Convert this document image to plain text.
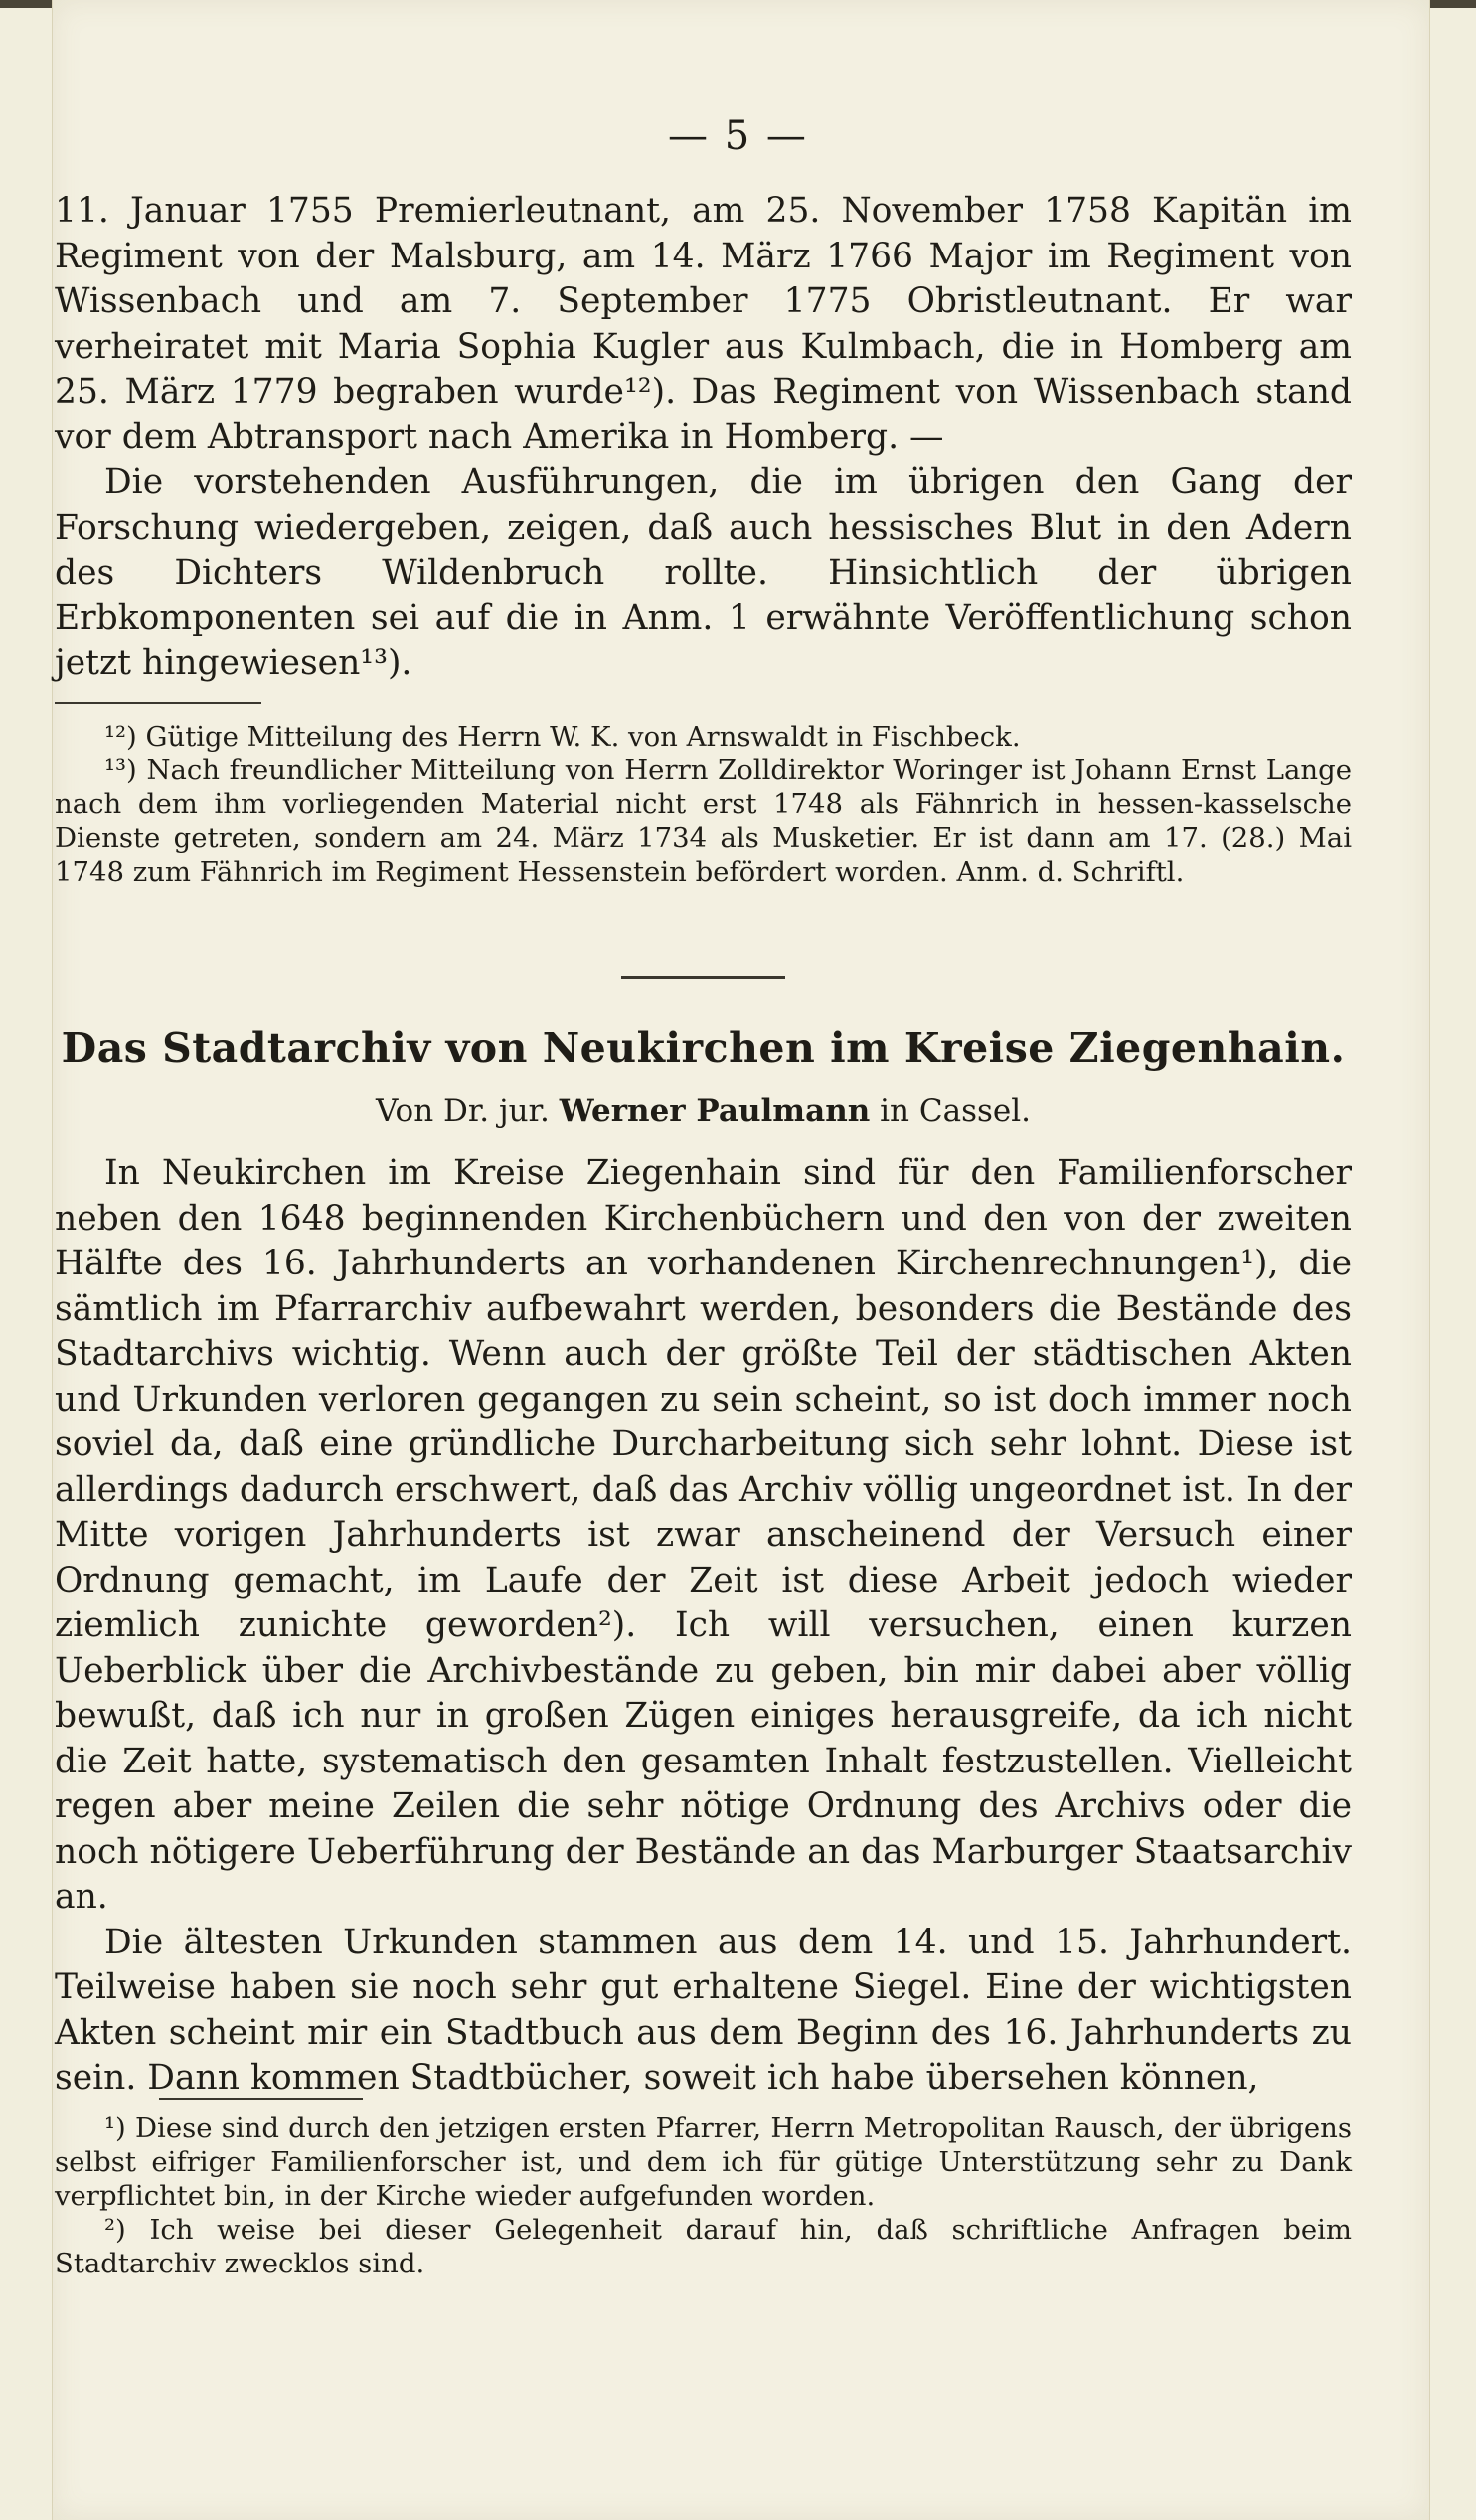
— 5 —

11. Januar 1755 Premierleutnant, am 25. November 1758 Kapitän im Regiment von der Malsburg, am 14. März 1766 Major im Regiment von Wissenbach und am 7. September 1775 Obristleutnant. Er war verheiratet mit Maria Sophia Kugler aus Kulmbach, die in Homberg am 25. März 1779 begraben wurde¹²). Das Regiment von Wissenbach stand vor dem Abtransport nach Amerika in Homberg. —

Die vorstehenden Ausführungen, die im übrigen den Gang der Forschung wiedergeben, zeigen, daß auch hessisches Blut in den Adern des Dichters Wildenbruch rollte. Hinsichtlich der übrigen Erbkomponenten sei auf die in Anm. 1 erwähnte Veröffentlichung schon jetzt hingewiesen¹³).

¹²) Gütige Mitteilung des Herrn W. K. von Arnswaldt in Fischbeck.

¹³) Nach freundlicher Mitteilung von Herrn Zolldirektor Woringer ist Johann Ernst Lange nach dem ihm vorliegenden Material nicht erst 1748 als Fähnrich in hessen-kasselsche Dienste getreten, sondern am 24. März 1734 als Musketier. Er ist dann am 17. (28.) Mai 1748 zum Fähnrich im Regiment Hessenstein befördert worden. Anm. d. Schriftl.

Das Stadtarchiv von Neukirchen im Kreise Ziegenhain.
Von Dr. jur. Werner Paulmann in Cassel.

In Neukirchen im Kreise Ziegenhain sind für den Familienforscher neben den 1648 beginnenden Kirchenbüchern und den von der zweiten Hälfte des 16. Jahrhunderts an vorhandenen Kirchenrechnungen¹), die sämtlich im Pfarrarchiv aufbewahrt werden, besonders die Bestände des Stadtarchivs wichtig. Wenn auch der größte Teil der städtischen Akten und Urkunden verloren gegangen zu sein scheint, so ist doch immer noch soviel da, daß eine gründliche Durcharbeitung sich sehr lohnt. Diese ist allerdings dadurch erschwert, daß das Archiv völlig ungeordnet ist. In der Mitte vorigen Jahrhunderts ist zwar anscheinend der Versuch einer Ordnung gemacht, im Laufe der Zeit ist diese Arbeit jedoch wieder ziemlich zunichte geworden²). Ich will versuchen, einen kurzen Ueberblick über die Archivbestände zu geben, bin mir dabei aber völlig bewußt, daß ich nur in großen Zügen einiges herausgreife, da ich nicht die Zeit hatte, systematisch den gesamten Inhalt festzustellen. Vielleicht regen aber meine Zeilen die sehr nötige Ordnung des Archivs oder die noch nötigere Ueberführung der Bestände an das Marburger Staatsarchiv an.

Die ältesten Urkunden stammen aus dem 14. und 15. Jahrhundert. Teilweise haben sie noch sehr gut erhaltene Siegel. Eine der wichtigsten Akten scheint mir ein Stadtbuch aus dem Beginn des 16. Jahrhunderts zu sein. Dann kommen Stadtbücher, soweit ich habe übersehen können,

¹) Diese sind durch den jetzigen ersten Pfarrer, Herrn Metropolitan Rausch, der übrigens selbst eifriger Familienforscher ist, und dem ich für gütige Unterstützung sehr zu Dank verpflichtet bin, in der Kirche wieder aufgefunden worden.

²) Ich weise bei dieser Gelegenheit darauf hin, daß schriftliche Anfragen beim Stadtarchiv zwecklos sind.
